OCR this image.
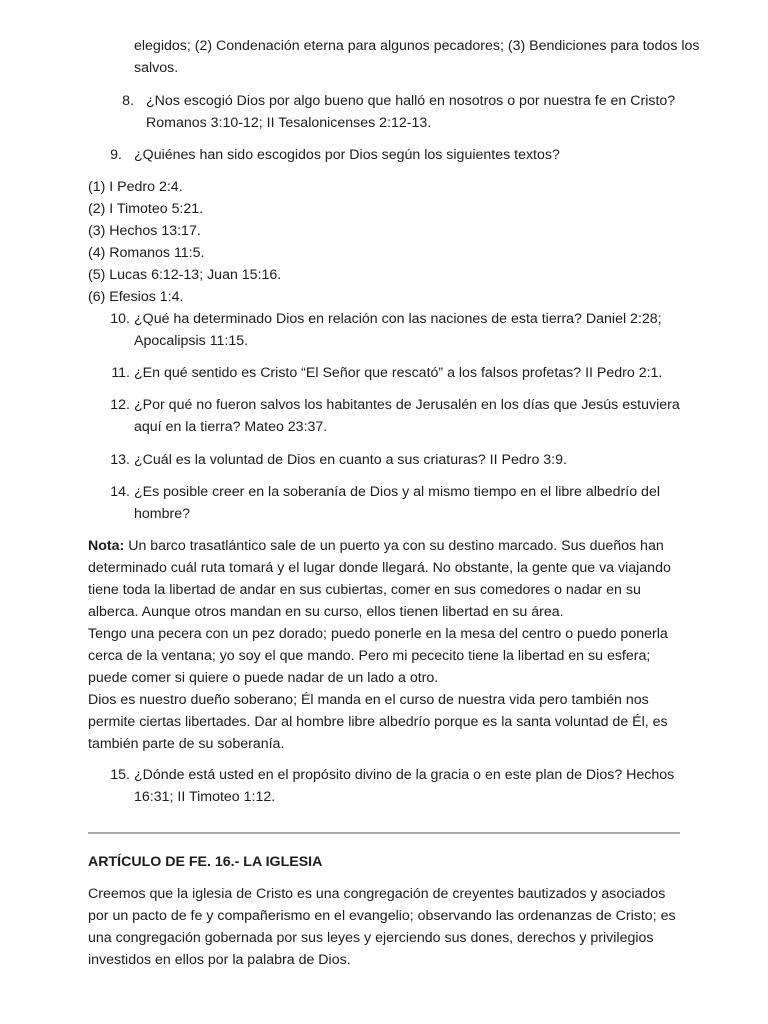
elegidos; (2) Condenación eterna para algunos pecadores; (3) Bendiciones para todos los salvos.

8. ¿Nos escogió Dios por algo bueno que halló en nosotros o por nuestra fe en Cristo? Romanos 3:10-12; II Tesalonicenses 2:12-13.
9. ¿Quiénes han sido escogidos por Dios según los siguientes textos?
(1) I Pedro 2:4.
(2) I Timoteo 5:21.
(3) Hechos 13:17.
(4) Romanos 11:5.
(5) Lucas 6:12-13; Juan 15:16.
(6) Efesios 1:4.
10. ¿Qué ha determinado Dios en relación con las naciones de esta tierra? Daniel 2:28; Apocalipsis 11:15.
11. ¿En qué sentido es Cristo “El Señor que rescató” a los falsos profetas? II Pedro 2:1.
12. ¿Por qué no fueron salvos los habitantes de Jerusalén en los días que Jesús estuviera aquí en la tierra? Mateo 23:37.
13. ¿Cuál es la voluntad de Dios en cuanto a sus criaturas? II Pedro 3:9.
14. ¿Es posible creer en la soberanía de Dios y al mismo tiempo en el libre albedrío del hombre?
Nota: Un barco trasatlántico sale de un puerto ya con su destino marcado. Sus dueños han determinado cuál ruta tomará y el lugar donde llegará. No obstante, la gente que va viajando tiene toda la libertad de andar en sus cubiertas, comer en sus comedores o nadar en su alberca. Aunque otros mandan en su curso, ellos tienen libertad en su área.
Tengo una pecera con un pez dorado; puedo ponerle en la mesa del centro o puedo ponerla cerca de la ventana; yo soy el que mando. Pero mi pececito tiene la libertad en su esfera; puede comer si quiere o puede nadar de un lado a otro.
Dios es nuestro dueño soberano; Él manda en el curso de nuestra vida pero también nos permite ciertas libertades. Dar al hombre libre albedrío porque es la santa voluntad de Él, es también parte de su soberanía.
15. ¿Dónde está usted en el propósito divino de la gracia o en este plan de Dios? Hechos 16:31; II Timoteo 1:12.

ARTÍCULO DE FE. 16.- LA IGLESIA

Creemos que la iglesia de Cristo es una congregación de creyentes bautizados y asociados por un pacto de fe y compañerismo en el evangelio; observando las ordenanzas de Cristo; es una congregación gobernada por sus leyes y ejerciendo sus dones, derechos y privilegios investidos en ellos por la palabra de Dios.
